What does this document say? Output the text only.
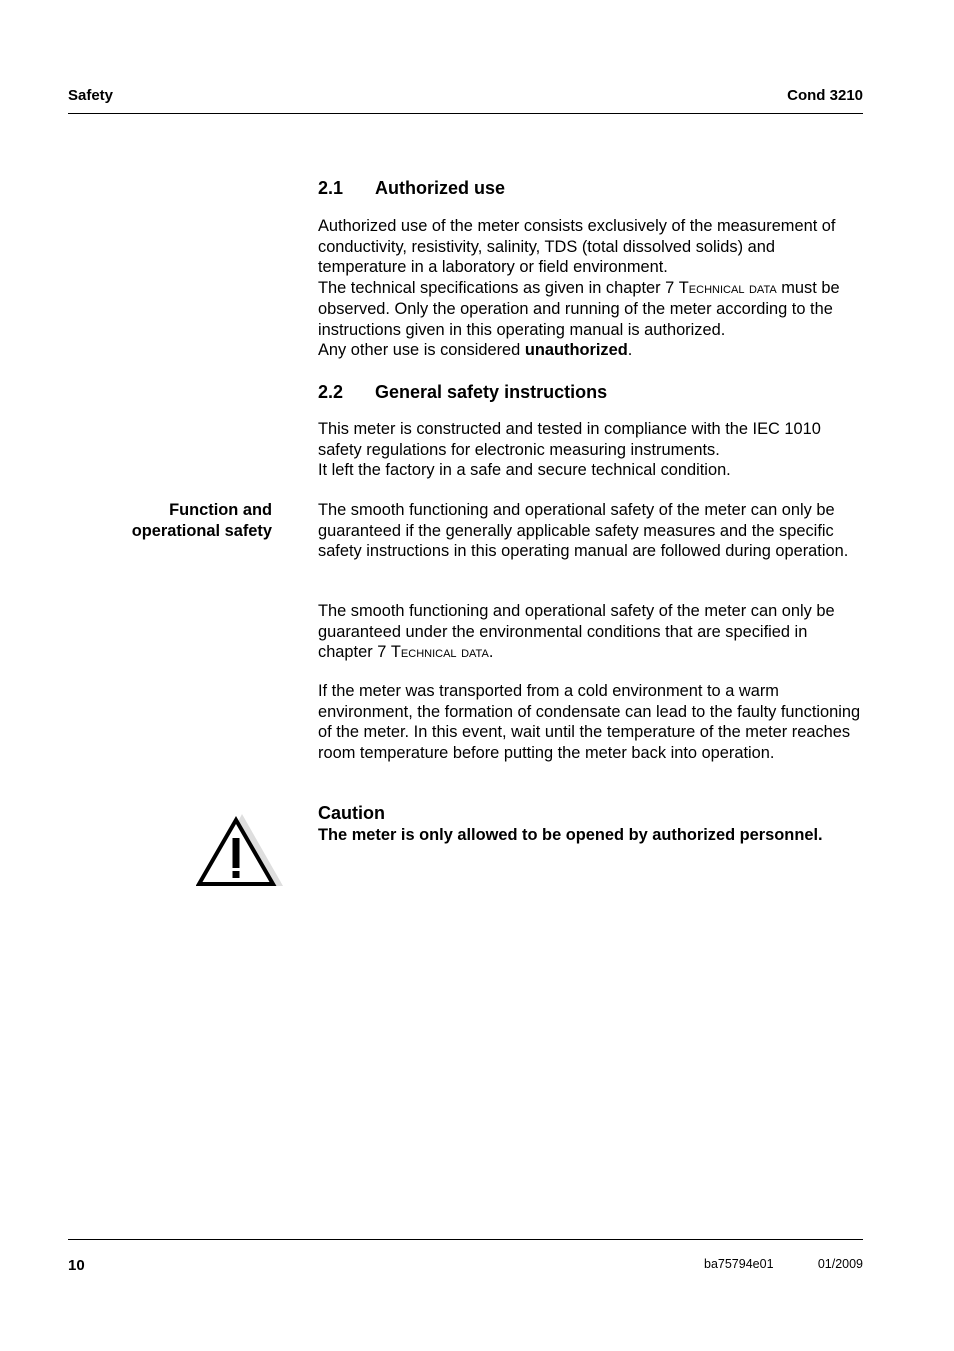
Safety	Cond 3210
2.1 Authorized use
Authorized use of the meter consists exclusively of the measurement of conductivity, resistivity, salinity, TDS (total dissolved solids) and temperature in a laboratory or field environment.
The technical specifications as given in chapter 7 Technical data must be observed. Only the operation and running of the meter according to the instructions given in this operating manual is authorized.
Any other use is considered unauthorized.
2.2 General safety instructions
This meter is constructed and tested in compliance with the IEC 1010 safety regulations for electronic measuring instruments.
It left the factory in a safe and secure technical condition.
Function and
operational safety
The smooth functioning and operational safety of the meter can only be guaranteed if the generally applicable safety measures and the specific safety instructions in this operating manual are followed during operation.
The smooth functioning and operational safety of the meter can only be guaranteed under the environmental conditions that are specified in chapter 7 Technical data.
If the meter was transported from a cold environment to a warm environment, the formation of condensate can lead to the faulty functioning of the meter. In this event, wait until the temperature of the meter reaches room temperature before putting the meter back into operation.
Caution
The meter is only allowed to be opened by authorized personnel.
10	ba75794e01	01/2009
